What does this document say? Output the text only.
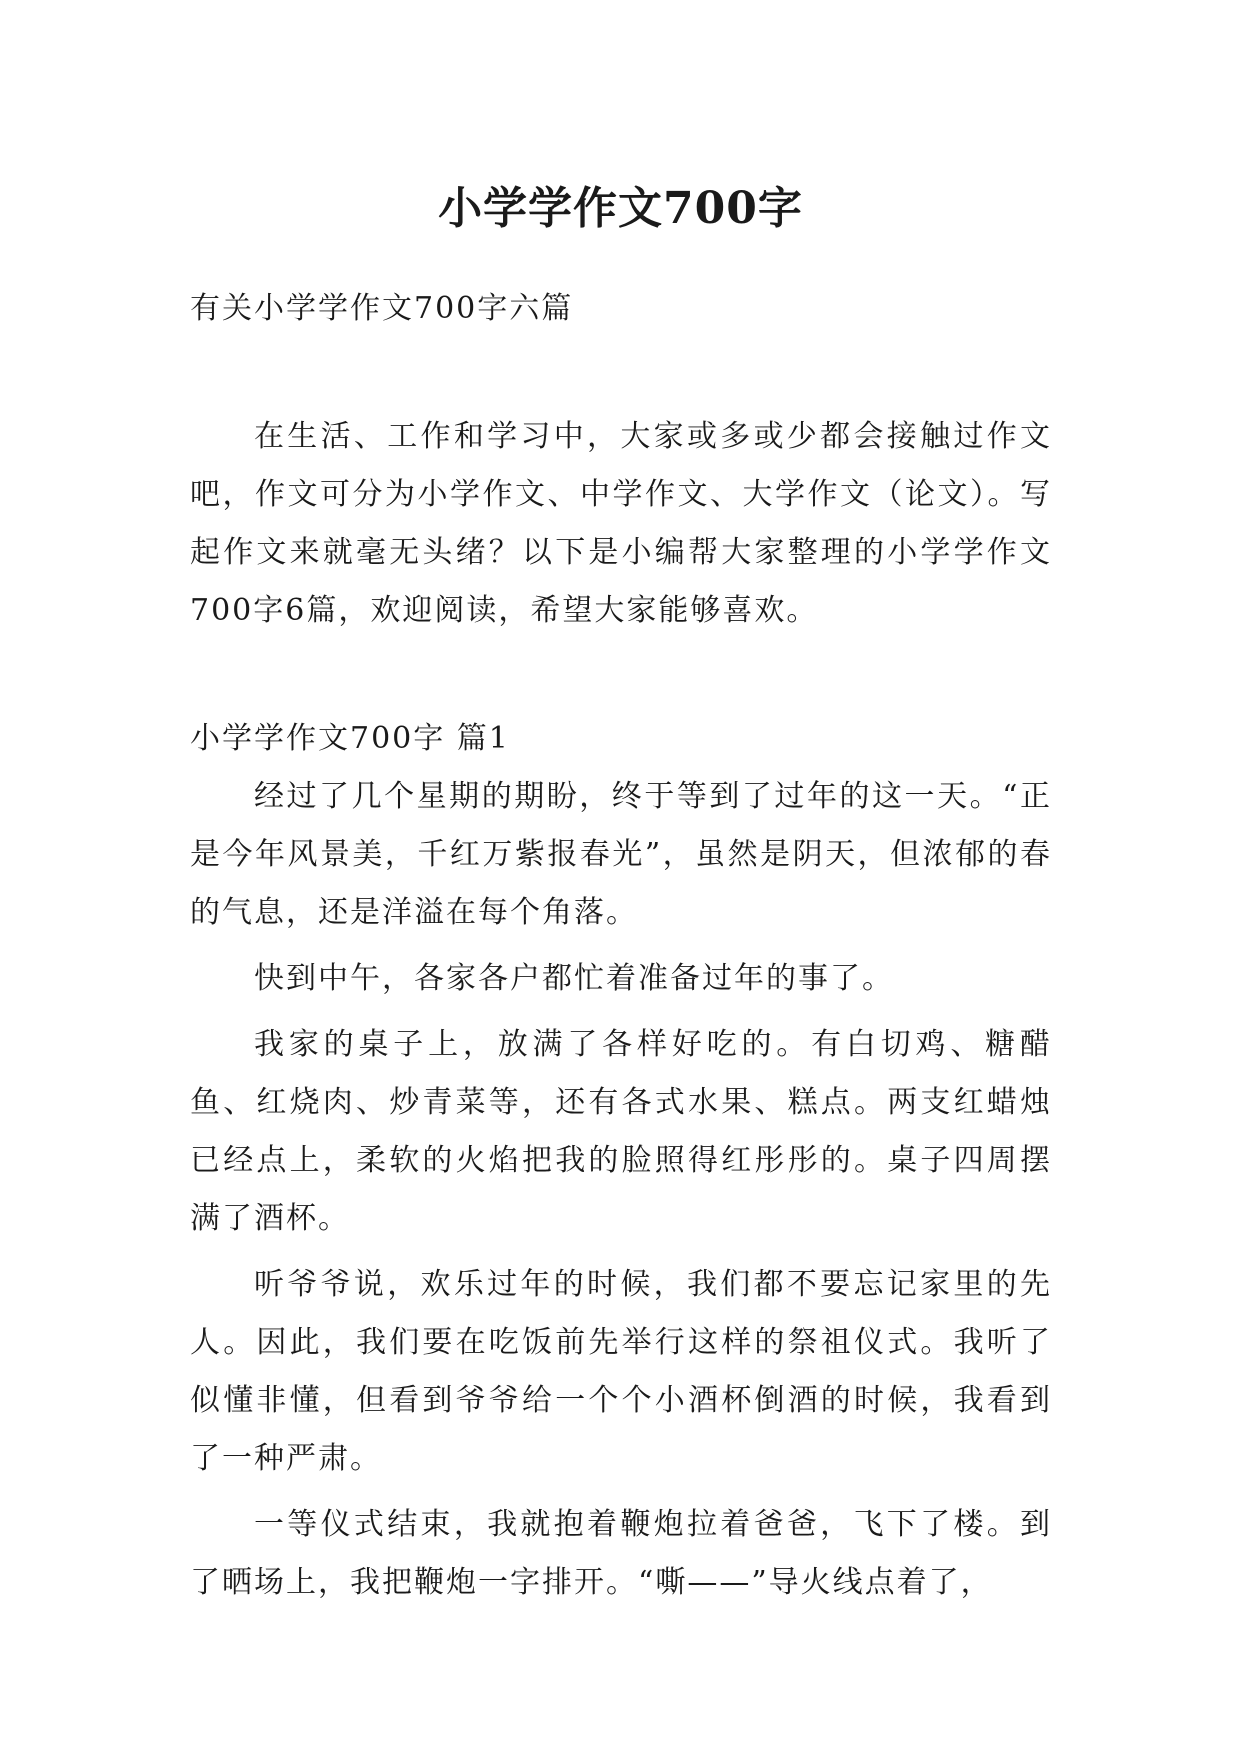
小学学作文700字

有关小学学作文700字六篇

在生活、工作和学习中，大家或多或少都会接触过作文吧，作文可分为小学作文、中学作文、大学作文（论文）。写起作文来就毫无头绪？以下是小编帮大家整理的小学学作文700字6篇，欢迎阅读，希望大家能够喜欢。

小学学作文700字 篇1

经过了几个星期的期盼，终于等到了过年的这一天。“正是今年风景美，千红万紫报春光”，虽然是阴天，但浓郁的春的气息，还是洋溢在每个角落。

快到中午，各家各户都忙着准备过年的事了。

我家的桌子上，放满了各样好吃的。有白切鸡、糖醋鱼、红烧肉、炒青菜等，还有各式水果、糕点。两支红蜡烛已经点上，柔软的火焰把我的脸照得红彤彤的。桌子四周摆满了酒杯。

听爷爷说，欢乐过年的时候，我们都不要忘记家里的先人。因此，我们要在吃饭前先举行这样的祭祖仪式。我听了似懂非懂，但看到爷爷给一个个小酒杯倒酒的时候，我看到了一种严肃。

一等仪式结束，我就抱着鞭炮拉着爸爸，飞下了楼。到了晒场上，我把鞭炮一字排开。“嘶——”导火线点着了，
